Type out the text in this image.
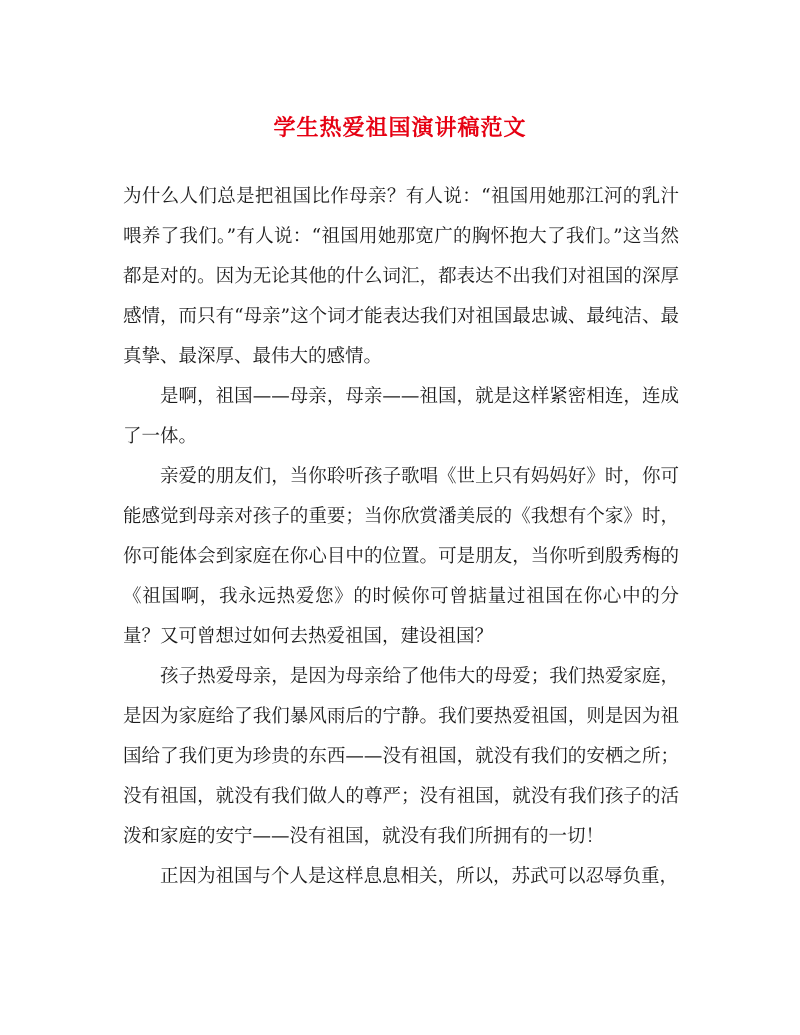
学生热爱祖国演讲稿范文

为什么人们总是把祖国比作母亲？有人说：“祖国用她那江河的乳汁喂养了我们。”有人说：“祖国用她那宽广的胸怀抱大了我们。”这当然都是对的。因为无论其他的什么词汇，都表达不出我们对祖国的深厚感情，而只有“母亲”这个词才能表达我们对祖国最忠诚、最纯洁、最真挚、最深厚、最伟大的感情。

是啊，祖国——母亲，母亲——祖国，就是这样紧密相连，连成了一体。

亲爱的朋友们，当你聆听孩子歌唱《世上只有妈妈好》时，你可能感觉到母亲对孩子的重要；当你欣赏潘美辰的《我想有个家》时，你可能体会到家庭在你心目中的位置。可是朋友，当你听到殷秀梅的《祖国啊，我永远热爱您》的时候你可曾掂量过祖国在你心中的分量？又可曾想过如何去热爱祖国，建设祖国？

孩子热爱母亲，是因为母亲给了他伟大的母爱；我们热爱家庭，是因为家庭给了我们暴风雨后的宁静。我们要热爱祖国，则是因为祖国给了我们更为珍贵的东西——没有祖国，就没有我们的安栖之所；没有祖国，就没有我们做人的尊严；没有祖国，就没有我们孩子的活泼和家庭的安宁——没有祖国，就没有我们所拥有的一切！

正因为祖国与个人是这样息息相关，所以，苏武可以忍辱负重，
